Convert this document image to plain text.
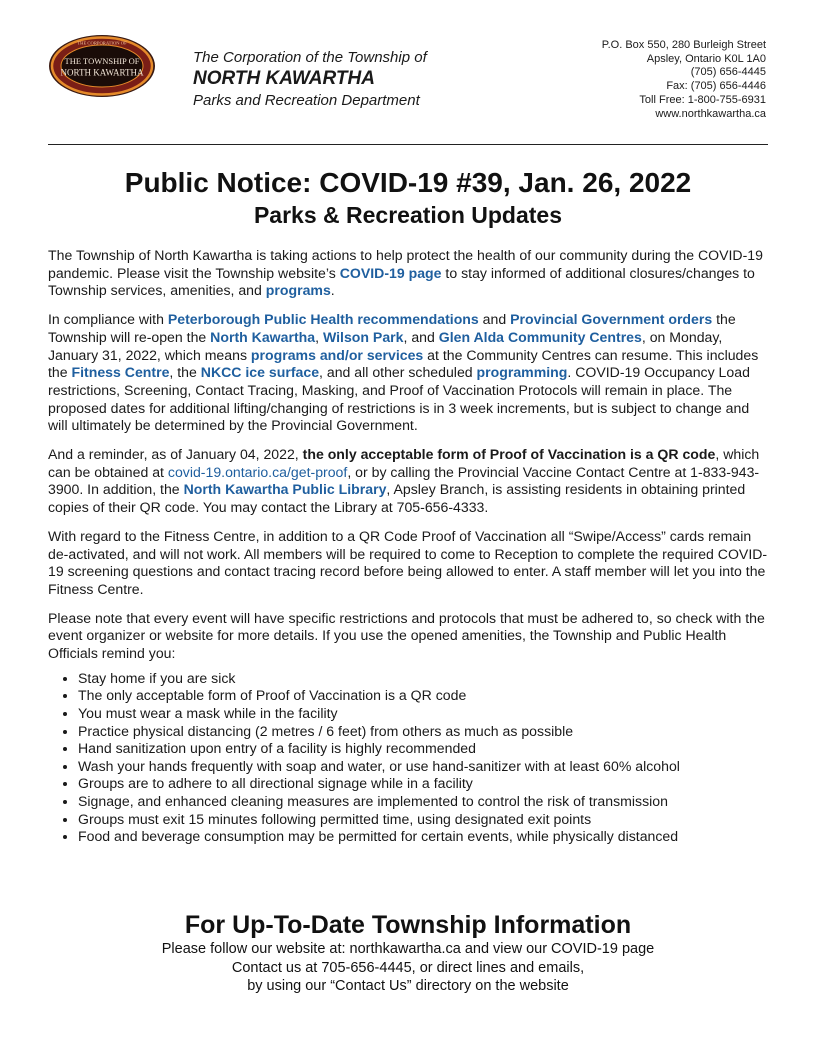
THE CORPORATION OF
THE TOWNSHIP OF
NORTH KAWARTHA
The Corporation of the Township of
NORTH KAWARTHA
Parks and Recreation Department
P.O. Box 550, 280 Burleigh Street
Apsley, Ontario K0L 1A0
(705) 656-4445
Fax: (705) 656-4446
Toll Free: 1-800-755-6931
www.northkawartha.ca
Public Notice: COVID-19 #39, Jan. 26, 2022
Parks & Recreation Updates

The Township of North Kawartha is taking actions to help protect the health of our community during the COVID-19 pandemic. Please visit the Township website’s COVID-19 page to stay informed of additional closures/changes to Township services, amenities, and programs.

In compliance with Peterborough Public Health recommendations and Provincial Government orders the Township will re-open the North Kawartha, Wilson Park, and Glen Alda Community Centres, on Monday, January 31, 2022, which means programs and/or services at the Community Centres can resume. This includes the Fitness Centre, the NKCC ice surface, and all other scheduled programming. COVID-19 Occupancy Load restrictions, Screening, Contact Tracing, Masking, and Proof of Vaccination Protocols will remain in place. The proposed dates for additional lifting/changing of restrictions is in 3 week increments, but is subject to change and will ultimately be determined by the Provincial Government.

And a reminder, as of January 04, 2022, the only acceptable form of Proof of Vaccination is a QR code, which can be obtained at covid-19.ontario.ca/get-proof, or by calling the Provincial Vaccine Contact Centre at 1-833-943-3900. In addition, the North Kawartha Public Library, Apsley Branch, is assisting residents in obtaining printed copies of their QR code. You may contact the Library at 705-656-4333.

With regard to the Fitness Centre, in addition to a QR Code Proof of Vaccination all “Swipe/Access” cards remain de-activated, and will not work. All members will be required to come to Reception to complete the required COVID-19 screening questions and contact tracing record before being allowed to enter. A staff member will let you into the Fitness Centre.

Please note that every event will have specific restrictions and protocols that must be adhered to, so check with the event organizer or website for more details. If you use the opened amenities, the Township and Public Health Officials remind you:

• Stay home if you are sick
• The only acceptable form of Proof of Vaccination is a QR code
• You must wear a mask while in the facility
• Practice physical distancing (2 metres / 6 feet) from others as much as possible
• Hand sanitization upon entry of a facility is highly recommended
• Wash your hands frequently with soap and water, or use hand-sanitizer with at least 60% alcohol
• Groups are to adhere to all directional signage while in a facility
• Signage, and enhanced cleaning measures are implemented to control the risk of transmission
• Groups must exit 15 minutes following permitted time, using designated exit points
• Food and beverage consumption may be permitted for certain events, while physically distanced
For Up-To-Date Township Information
Please follow our website at: northkawartha.ca and view our COVID-19 page
Contact us at 705-656-4445, or direct lines and emails,
by using our “Contact Us” directory on the website
